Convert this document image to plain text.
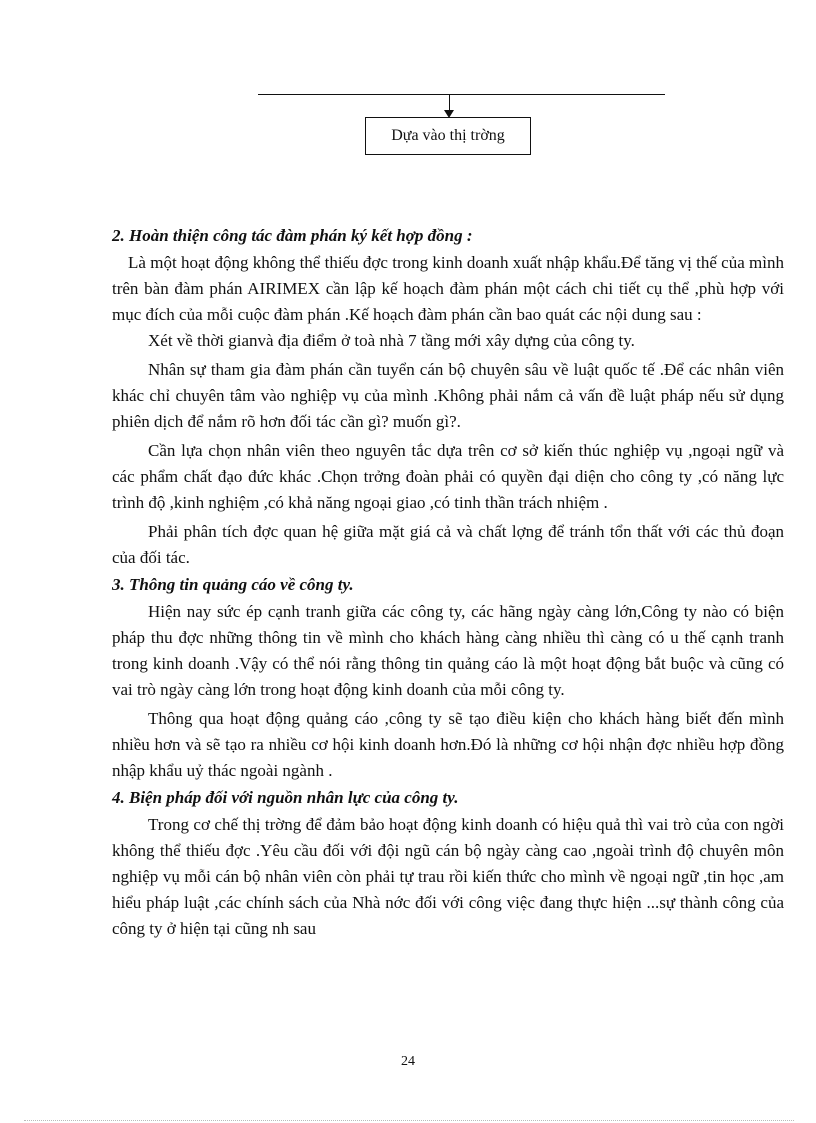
Dựa vào thị trờng
2. Hoàn thiện công tác đàm phán ký kết hợp đồng :

Là một hoạt động không thể thiếu đợc trong kinh doanh xuất nhập khẩu.Để tăng vị thế của mình trên bàn đàm phán AIRIMEX cần lập kế hoạch đàm phán một cách chi tiết cụ thể ,phù hợp với mục đích của mỗi cuộc đàm phán .Kế hoạch đàm phán cần bao quát các nội dung sau :

Xét về thời gianvà địa điểm ở toà nhà 7 tầng mới xây dựng của công ty.

Nhân sự tham gia đàm phán cần tuyển cán bộ chuyên sâu về luật quốc tế .Để các nhân viên khác chỉ chuyên tâm vào nghiệp vụ của mình .Không phải nắm cả vấn đề luật pháp nếu sử dụng phiên dịch để nắm rõ hơn đối tác cần gì? muốn gì?.

Cần lựa chọn nhân viên theo nguyên tắc dựa trên cơ sở kiến thúc nghiệp vụ ,ngoại ngữ và các phẩm chất đạo đức khác .Chọn trởng đoàn phải có quyền đại diện cho công ty ,có năng lực trình độ ,kinh nghiệm ,có khả năng ngoại giao ,có tinh thần trách nhiệm .

Phải phân tích đợc quan hệ giữa mặt giá cả và chất lợng để tránh tổn thất với các thủ đoạn của đối tác.

3. Thông tin quảng cáo về công ty.

Hiện nay sức ép cạnh tranh giữa các công ty, các hãng ngày càng lớn,Công ty nào có biện pháp thu đợc những thông tin về mình cho khách hàng càng nhiều thì càng có u thế cạnh tranh trong kinh doanh .Vậy có thể nói rằng thông tin quảng cáo là một hoạt động bắt buộc và cũng có vai trò ngày càng lớn trong hoạt động kinh doanh của mỗi công ty.

Thông qua hoạt động quảng cáo ,công ty sẽ tạo điều kiện cho khách hàng biết đến mình nhiều hơn và sẽ tạo ra nhiều cơ hội kinh doanh hơn.Đó là những cơ hội nhận đợc nhiều hợp đồng nhập khẩu uỷ thác ngoài ngành .

4. Biện pháp đối với nguồn nhân lực của công ty.

Trong cơ chế thị trờng để đảm bảo hoạt động kinh doanh có hiệu quả thì vai trò của con ngời không thể thiếu đợc .Yêu cầu đối với đội ngũ cán bộ ngày càng cao ,ngoài trình độ chuyên môn nghiệp vụ mỗi cán bộ nhân viên còn phải tự trau rồi kiến thức cho mình về ngoại ngữ ,tin học ,am hiểu pháp luật ,các chính sách của Nhà nớc đối với công việc đang thực hiện ...sự thành công của công ty ở hiện tại cũng nh sau

24
